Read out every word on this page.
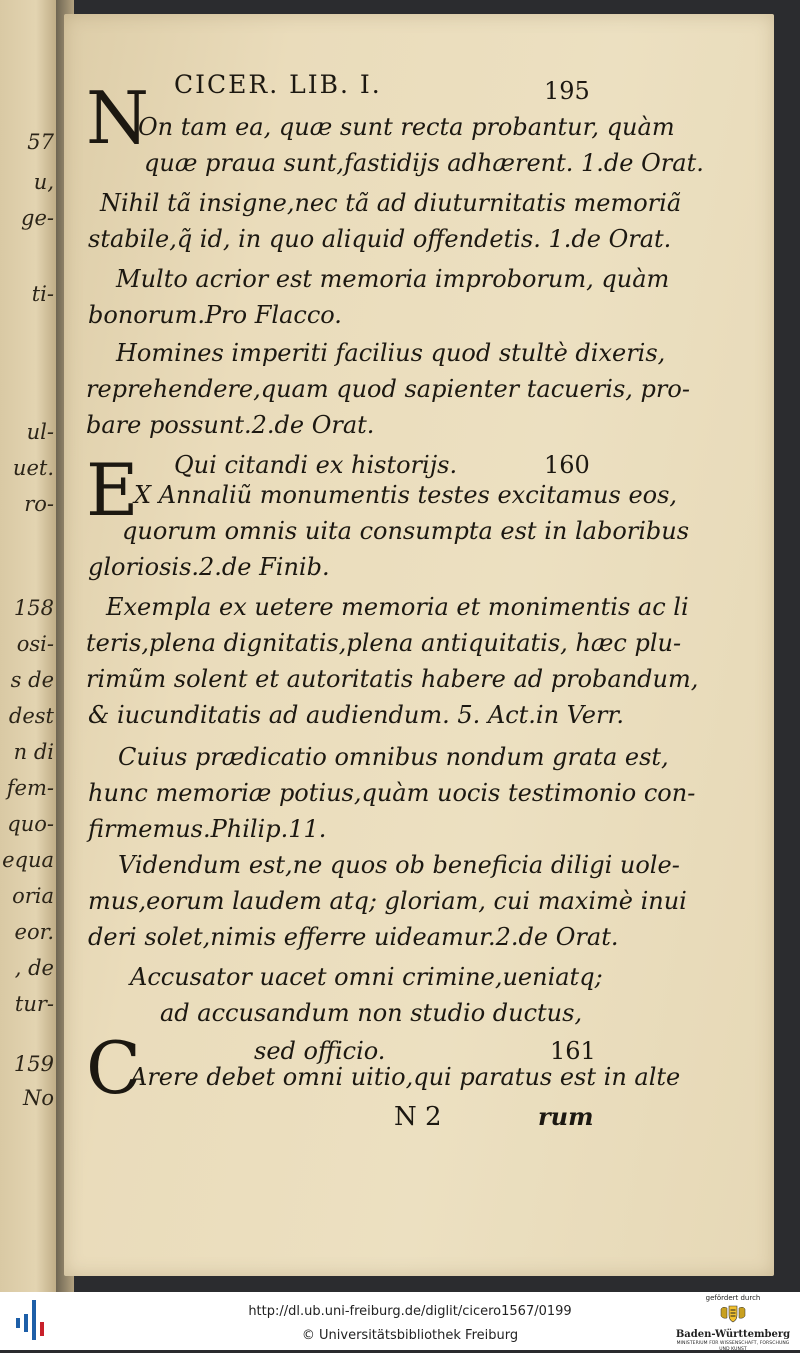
57
u,
ge-
ti-
ul-
uet.
ro-
158
osi-
s de
dest
n di
fem-
quo-
equa
oria
eor.
, de
tur-
159
No
CICER. LIB. I.	195
N
On tam ea, quæ sunt recta probantur, quàm
quæ praua sunt,fastidijs adhærent. 1.de Orat.
Nihil tã insigne,nec tã ad diuturnitatis memoriã
stabile,q̃ id, in quo aliquid offendetis. 1.de Orat.
Multo acrior est memoria improborum, quàm
bonorum.Pro Flacco.
Homines imperiti facilius quod stultè dixeris,
reprehendere,quam quod sapienter tacueris, pro-
bare possunt.2.de Orat.
Qui citandi ex historijs.	160
E
X Annaliũ monumentis testes excitamus eos,
quorum omnis uita consumpta est in laboribus
gloriosis.2.de Finib.
Exempla ex uetere memoria et monimentis ac li
teris,plena dignitatis,plena antiquitatis, hæc plu-
rimũm solent et autoritatis habere ad probandum,
& iucunditatis ad audiendum. 5. Act.in Verr.
Cuius prædicatio omnibus nondum grata est,
hunc memoriæ potius,quàm uocis testimonio con-
firmemus.Philip.11.
Videndum est,ne quos ob beneficia diligi uole-
mus,eorum laudem atq; gloriam, cui maximè inui
deri solet,nimis efferre uideamur.2.de Orat.
Accusator uacet omni crimine,ueniatq;
ad accusandum non studio ductus,
sed officio.	161
C
Arere debet omni uitio,qui paratus est in alte
N 2	rum
http://dl.ub.uni-freiburg.de/diglit/cicero1567/0199
© Universitätsbibliothek Freiburg
gefördert durch
Baden-Württemberg
MINISTERIUM FÜR WISSENSCHAFT, FORSCHUNG UND KUNST
